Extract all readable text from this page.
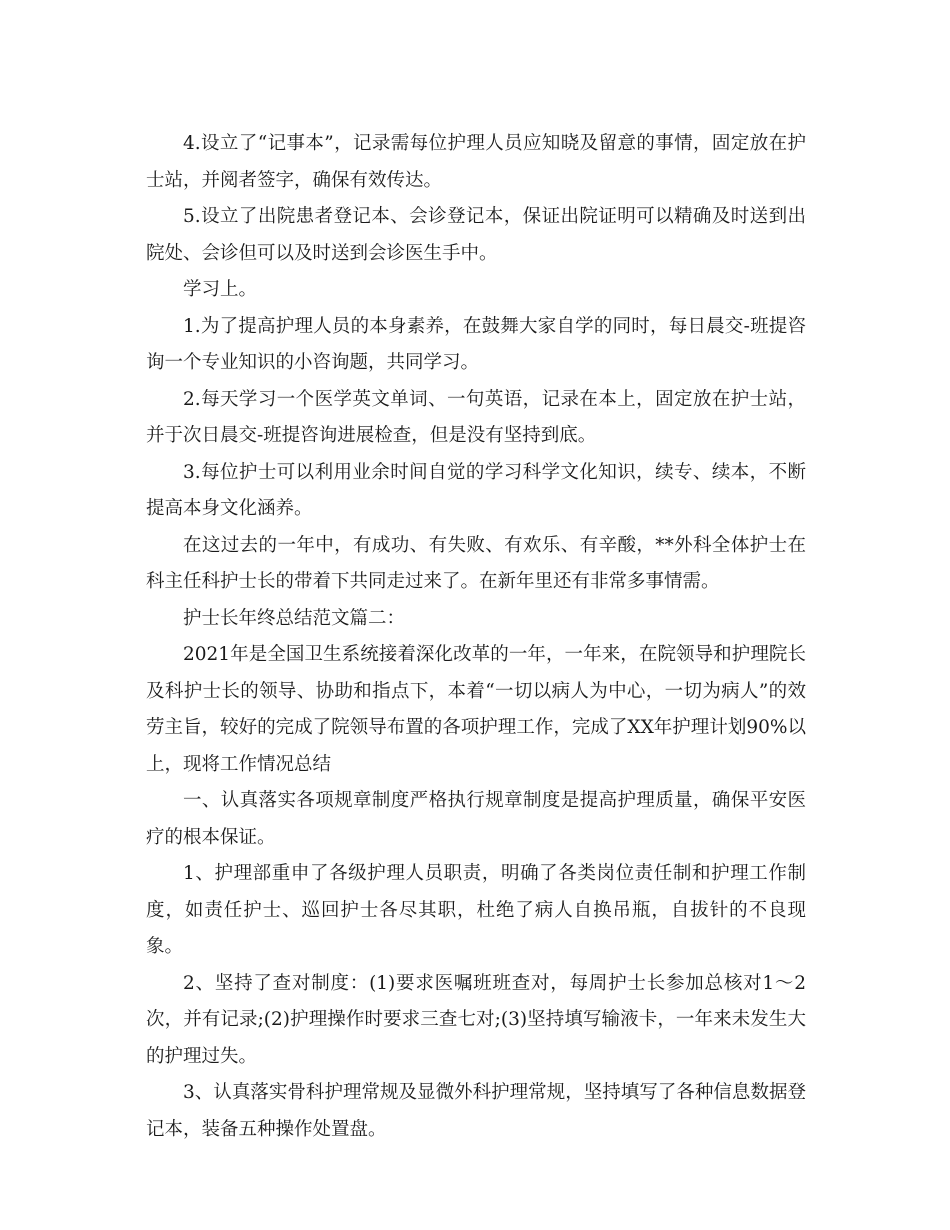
4.设立了“记事本”，记录需每位护理人员应知晓及留意的事情，固定放在护士站，并阅者签字，确保有效传达。

5.设立了出院患者登记本、会诊登记本，保证出院证明可以精确及时送到出院处、会诊但可以及时送到会诊医生手中。

学习上。

1.为了提高护理人员的本身素养，在鼓舞大家自学的同时，每日晨交-班提咨询一个专业知识的小咨询题，共同学习。

2.每天学习一个医学英文单词、一句英语，记录在本上，固定放在护士站，并于次日晨交-班提咨询进展检查，但是没有坚持到底。

3.每位护士可以利用业余时间自觉的学习科学文化知识，续专、续本，不断提高本身文化涵养。

在这过去的一年中，有成功、有失败、有欢乐、有辛酸，**外科全体护士在科主任科护士长的带着下共同走过来了。在新年里还有非常多事情需。

护士长年终总结范文篇二：

2021年是全国卫生系统接着深化改革的一年，一年来，在院领导和护理院长及科护士长的领导、协助和指点下，本着“一切以病人为中心，一切为病人”的效劳主旨，较好的完成了院领导布置的各项护理工作，完成了XX年护理计划90%以上，现将工作情况总结

一、认真落实各项规章制度严格执行规章制度是提高护理质量，确保平安医疗的根本保证。

1、护理部重申了各级护理人员职责，明确了各类岗位责任制和护理工作制度，如责任护士、巡回护士各尽其职，杜绝了病人自换吊瓶，自拔针的不良现象。

2、坚持了查对制度：(1)要求医嘱班班查对，每周护士长参加总核对1～2次，并有记录;(2)护理操作时要求三查七对;(3)坚持填写输液卡，一年来未发生大的护理过失。

3、认真落实骨科护理常规及显微外科护理常规，坚持填写了各种信息数据登记本，装备五种操作处置盘。
